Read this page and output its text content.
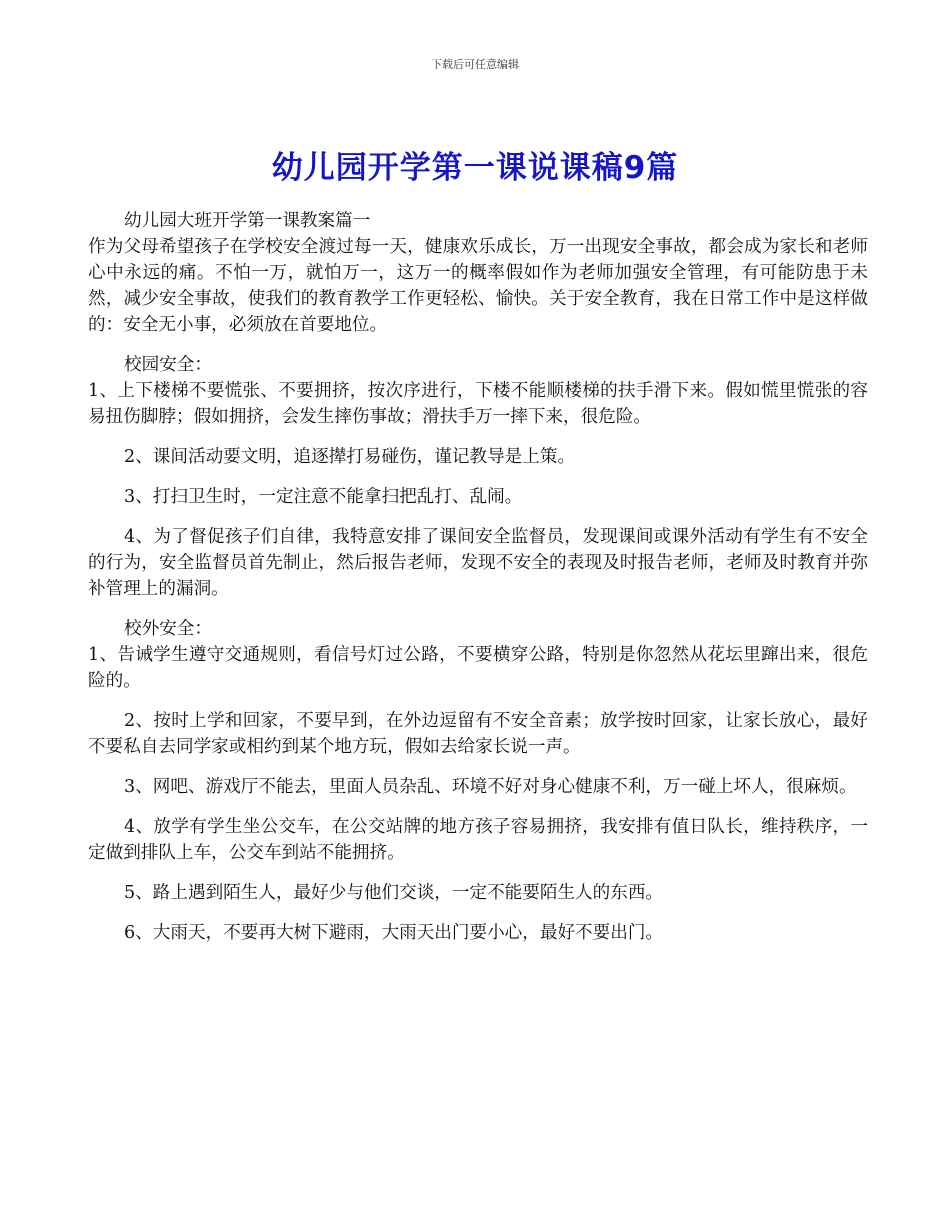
下载后可任意编辑
幼儿园开学第一课说课稿9篇

幼儿园大班开学第一课教案篇一

作为父母希望孩子在学校安全渡过每一天，健康欢乐成长，万一出现安全事故，都会成为家长和老师心中永远的痛。不怕一万，就怕万一，这万一的概率假如作为老师加强安全管理，有可能防患于未然，减少安全事故，使我们的教育教学工作更轻松、愉快。关于安全教育，我在日常工作中是这样做的：安全无小事，必须放在首要地位。

校园安全：

1、上下楼梯不要慌张、不要拥挤，按次序进行，下楼不能顺楼梯的扶手滑下来。假如慌里慌张的容易扭伤脚脖；假如拥挤，会发生摔伤事故；滑扶手万一摔下来，很危险。

2、课间活动要文明，追逐撵打易碰伤，谨记教导是上策。

3、打扫卫生时，一定注意不能拿扫把乱打、乱闹。

4、为了督促孩子们自律，我特意安排了课间安全监督员，发现课间或课外活动有学生有不安全的行为，安全监督员首先制止，然后报告老师，发现不安全的表现及时报告老师，老师及时教育并弥补管理上的漏洞。

校外安全：

1、告诫学生遵守交通规则，看信号灯过公路，不要横穿公路，特别是你忽然从花坛里蹿出来，很危险的。

2、按时上学和回家，不要早到，在外边逗留有不安全音素；放学按时回家，让家长放心，最好不要私自去同学家或相约到某个地方玩，假如去给家长说一声。

3、网吧、游戏厅不能去，里面人员杂乱、环境不好对身心健康不利，万一碰上坏人，很麻烦。

4、放学有学生坐公交车，在公交站牌的地方孩子容易拥挤，我安排有值日队长，维持秩序，一定做到排队上车，公交车到站不能拥挤。

5、路上遇到陌生人，最好少与他们交谈，一定不能要陌生人的东西。

6、大雨天，不要再大树下避雨，大雨天出门要小心，最好不要出门。
